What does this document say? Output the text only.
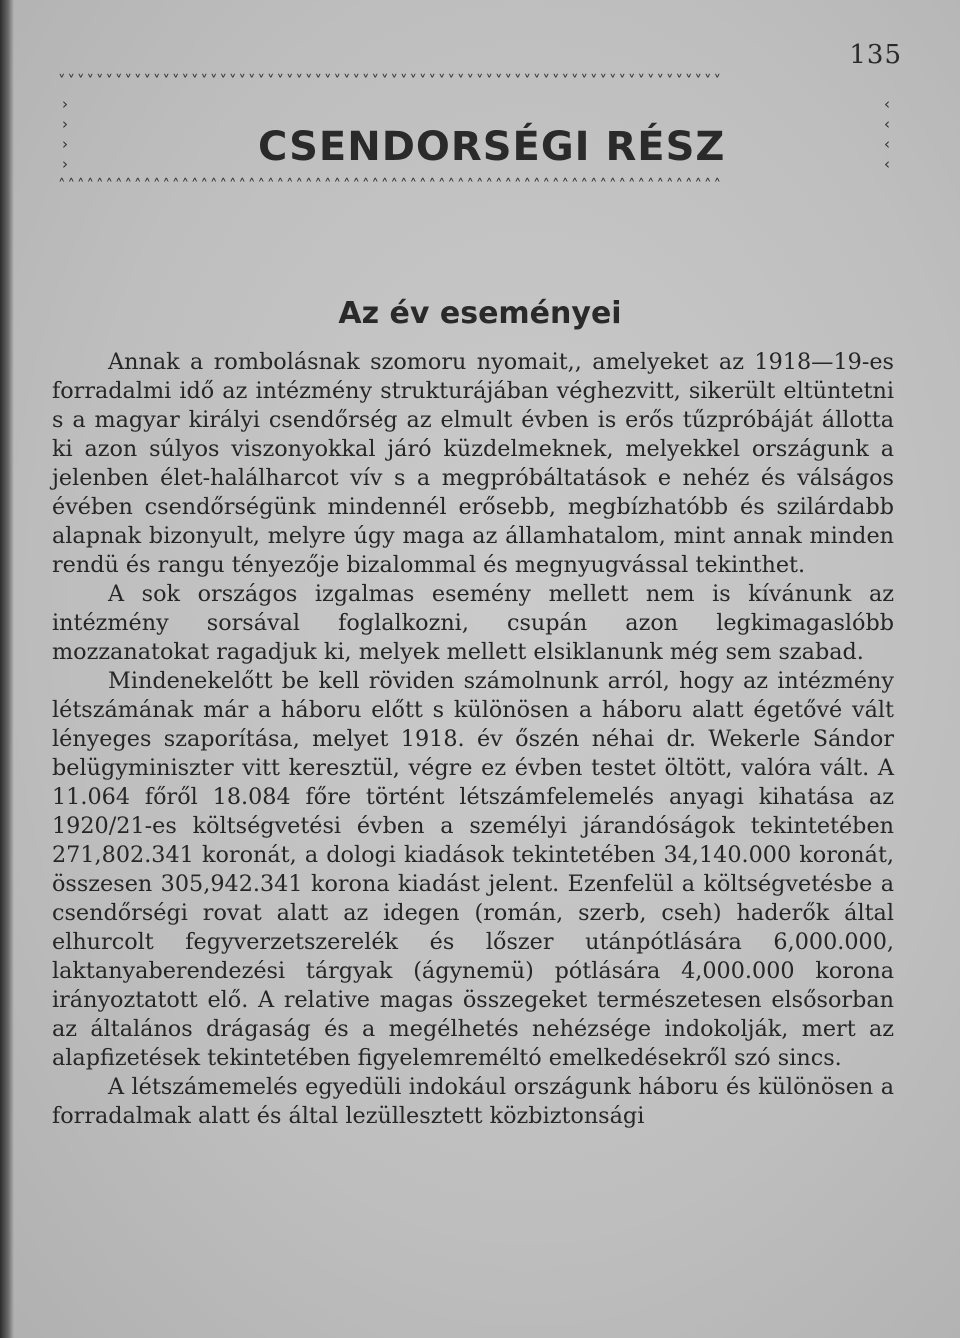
135
˅˅˅˅˅˅˅˅˅˅˅˅˅˅˅˅˅˅˅˅˅˅˅˅˅˅˅˅˅˅˅˅˅˅˅˅˅˅˅˅˅˅˅˅˅˅˅˅˅˅˅˅˅˅˅˅˅˅˅˅˅˅˅˅˅˅˅˅˅˅
›
›
›
›
‹
‹
‹
‹
CSENDORSÉGI RÉSZ
˄˄˄˄˄˄˄˄˄˄˄˄˄˄˄˄˄˄˄˄˄˄˄˄˄˄˄˄˄˄˄˄˄˄˄˄˄˄˄˄˄˄˄˄˄˄˄˄˄˄˄˄˄˄˄˄˄˄˄˄˄˄˄˄˄˄˄˄˄˄
Az év eseményei

Annak a rombolásnak szomoru nyomait,, amelyeket az 1918—19-es forradalmi idő az intézmény strukturájában véghezvitt, sikerült eltüntetni s a magyar királyi csendőrség az elmult évben is erős tűzpróbáját állotta ki azon súlyos viszonyokkal járó küzdelmeknek, melyekkel országunk a jelenben élet-halálharcot vív s a megpróbáltatások e nehéz és válságos évében csendőrségünk mindennél erősebb, megbízhatóbb és szilárdabb alapnak bizonyult, melyre úgy maga az államhatalom, mint annak minden rendü és rangu tényezője bizalommal és megnyugvással tekinthet.

A sok országos izgalmas esemény mellett nem is kívánunk az intézmény sorsával foglalkozni, csupán azon legkimagaslóbb mozzanatokat ragadjuk ki, melyek mellett elsiklanunk még sem szabad.

Mindenekelőtt be kell röviden számolnunk arról, hogy az intézmény létszámának már a háboru előtt s különösen a háboru alatt égetővé vált lényeges szaporítása, melyet 1918. év őszén néhai dr. Wekerle Sándor belügyminiszter vitt keresztül, végre ez évben testet öltött, valóra vált. A 11.064 főről 18.084 főre történt létszámfelemelés anyagi kihatása az 1920/21-es költségvetési évben a személyi járandóságok tekintetében 271,802.341 koronát, a dologi kiadások tekintetében 34,140.000 koronát, összesen 305,942.341 korona kiadást jelent. Ezenfelül a költségvetésbe a csendőrségi rovat alatt az idegen (román, szerb, cseh) haderők által elhurcolt fegyverzetszerelék és lőszer utánpótlására 6,000.000, laktanyaberendezési tárgyak (ágynemü) pótlására 4,000.000 korona irányoztatott elő. A relative magas összegeket természetesen elsősorban az általános drágaság és a megélhetés nehézsége indokolják, mert az alapfizetések tekintetében figyelemreméltó emelkedésekről szó sincs.

A létszámemelés egyedüli indokául országunk háboru és különösen a forradalmak alatt és által lezüllesztett közbiztonsági
